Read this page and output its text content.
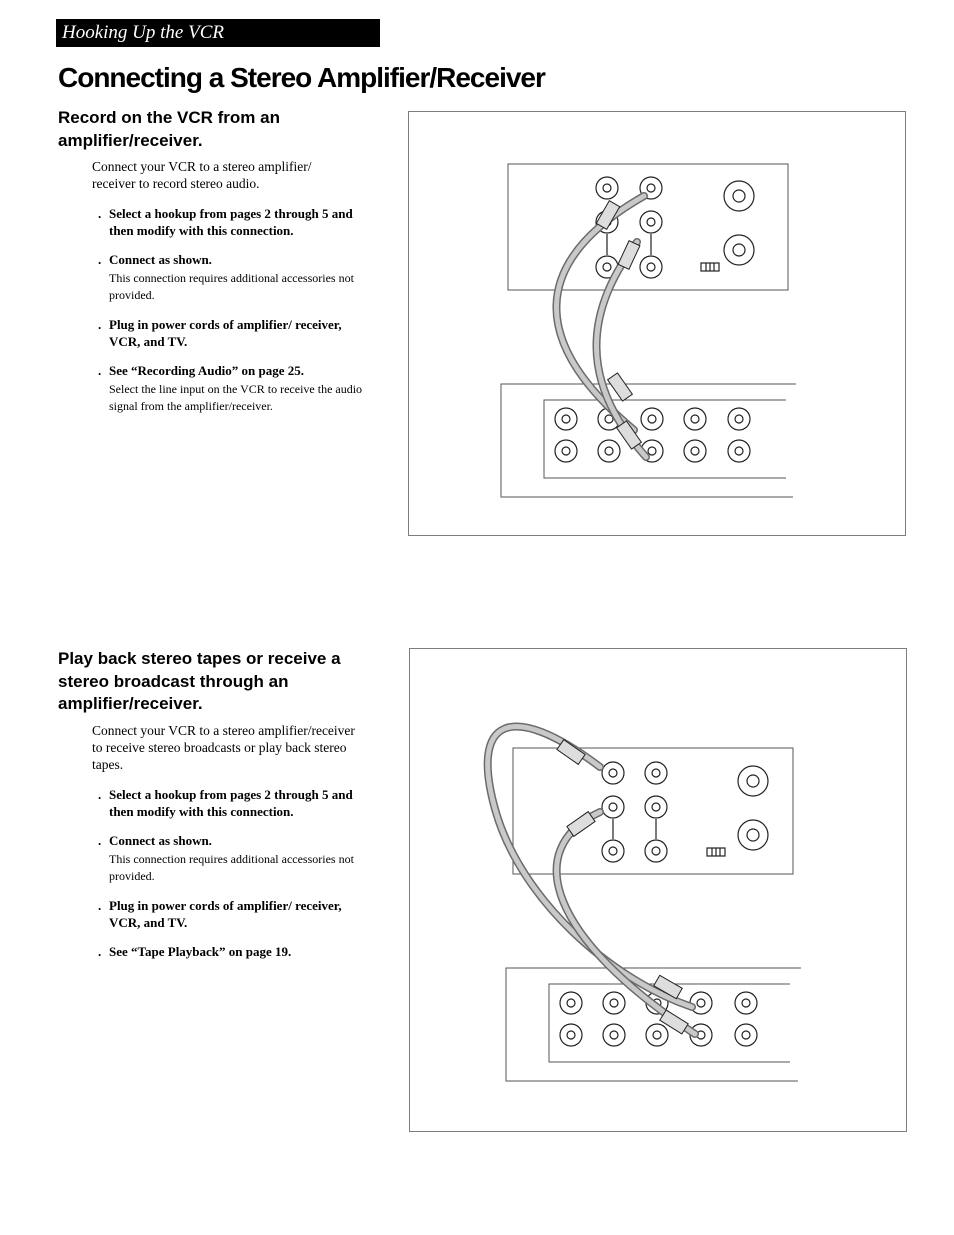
Hooking Up the VCR
Connecting a Stereo Amplifier/Receiver
Record on the VCR from an amplifier/receiver.

Connect your VCR to a stereo amplifier/ receiver to record stereo audio.

. Select a hookup from pages 2 through 5 and then modify with this connection.
. Connect as shown.
This connection requires additional accessories not provided.
. Plug in power cords of amplifier/ receiver, VCR, and TV.
. See “Recording Audio” on page 25.
Select the line input on the VCR to receive the audio signal from the amplifier/receiver.
Play back stereo tapes or receive a stereo broadcast through an amplifier/receiver.

Connect your VCR to a stereo amplifier/receiver to receive stereo broadcasts or play back stereo tapes.

. Select a hookup from pages 2 through 5 and then modify with this connection.
. Connect as shown.
This connection requires additional accessories not provided.
. Plug in power cords of amplifier/ receiver, VCR, and TV.
. See “Tape Playback” on page 19.
